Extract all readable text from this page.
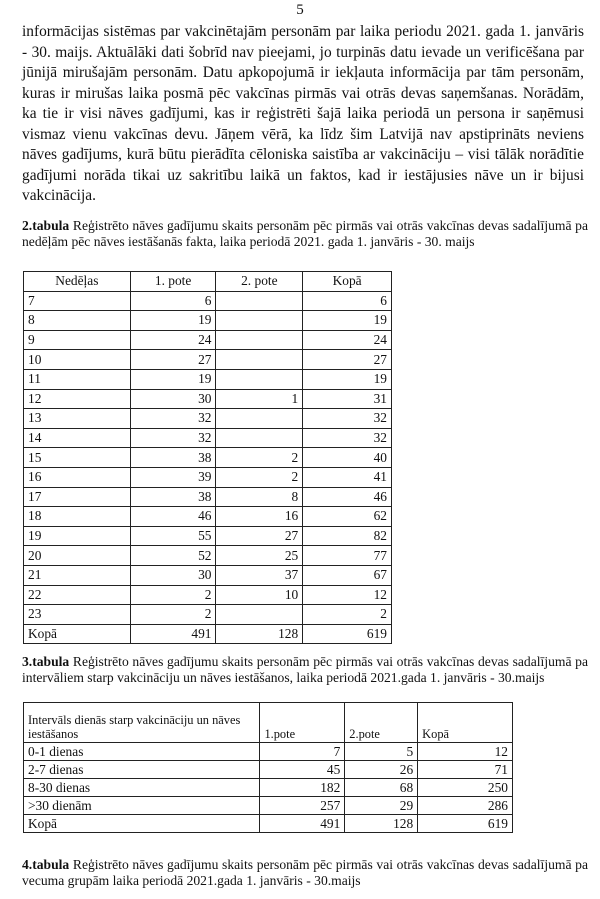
5
informācijas sistēmas par vakcinētajām personām par laika periodu 2021. gada 1. janvāris - 30. maijs. Aktuālāki dati šobrīd nav pieejami, jo turpinās datu ievade un verificēšana par jūnijā mirušajām personām. Datu apkopojumā ir iekļauta informācija par tām personām, kuras ir mirušas laika posmā pēc vakcīnas pirmās vai otrās devas saņemšanas. Norādām, ka tie ir visi nāves gadījumi, kas ir reģistrēti šajā laika periodā un persona ir saņēmusi vismaz vienu vakcīnas devu. Jāņem vērā, ka līdz šim Latvijā nav apstiprināts neviens nāves gadījums, kurā būtu pierādīta cēloniska saistība ar vakcināciju – visi tālāk norādītie gadījumi norāda tikai uz sakritību laikā un faktos, kad ir iestājusies nāve un ir bijusi vakcinācija.
2.tabula Reģistrēto nāves gadījumu skaits personām pēc pirmās vai otrās vakcīnas devas sadalījumā pa nedēļām pēc nāves iestāšanās fakta, laika periodā 2021. gada 1. janvāris - 30. maijs
Nedēļas	1. pote	2. pote	Kopā
7	6		6
8	19		19
9	24		24
10	27		27
11	19		19
12	30	1	31
13	32		32
14	32		32
15	38	2	40
16	39	2	41
17	38	8	46
18	46	16	62
19	55	27	82
20	52	25	77
21	30	37	67
22	2	10	12
23	2		2
Kopā	491	128	619
3.tabula Reģistrēto nāves gadījumu skaits personām pēc pirmās vai otrās vakcīnas devas sadalījumā pa intervāliem starp vakcināciju un nāves iestāšanos, laika periodā 2021.gada 1. janvāris - 30.maijs
Intervāls dienās starp vakcināciju un nāves iestāšanos	1.pote	2.pote	Kopā
0-1 dienas	7	5	12
2-7 dienas	45	26	71
8-30 dienas	182	68	250
>30 dienām	257	29	286
Kopā	491	128	619
4.tabula Reģistrēto nāves gadījumu skaits personām pēc pirmās vai otrās vakcīnas devas sadalījumā pa vecuma grupām laika periodā 2021.gada 1. janvāris - 30.maijs
